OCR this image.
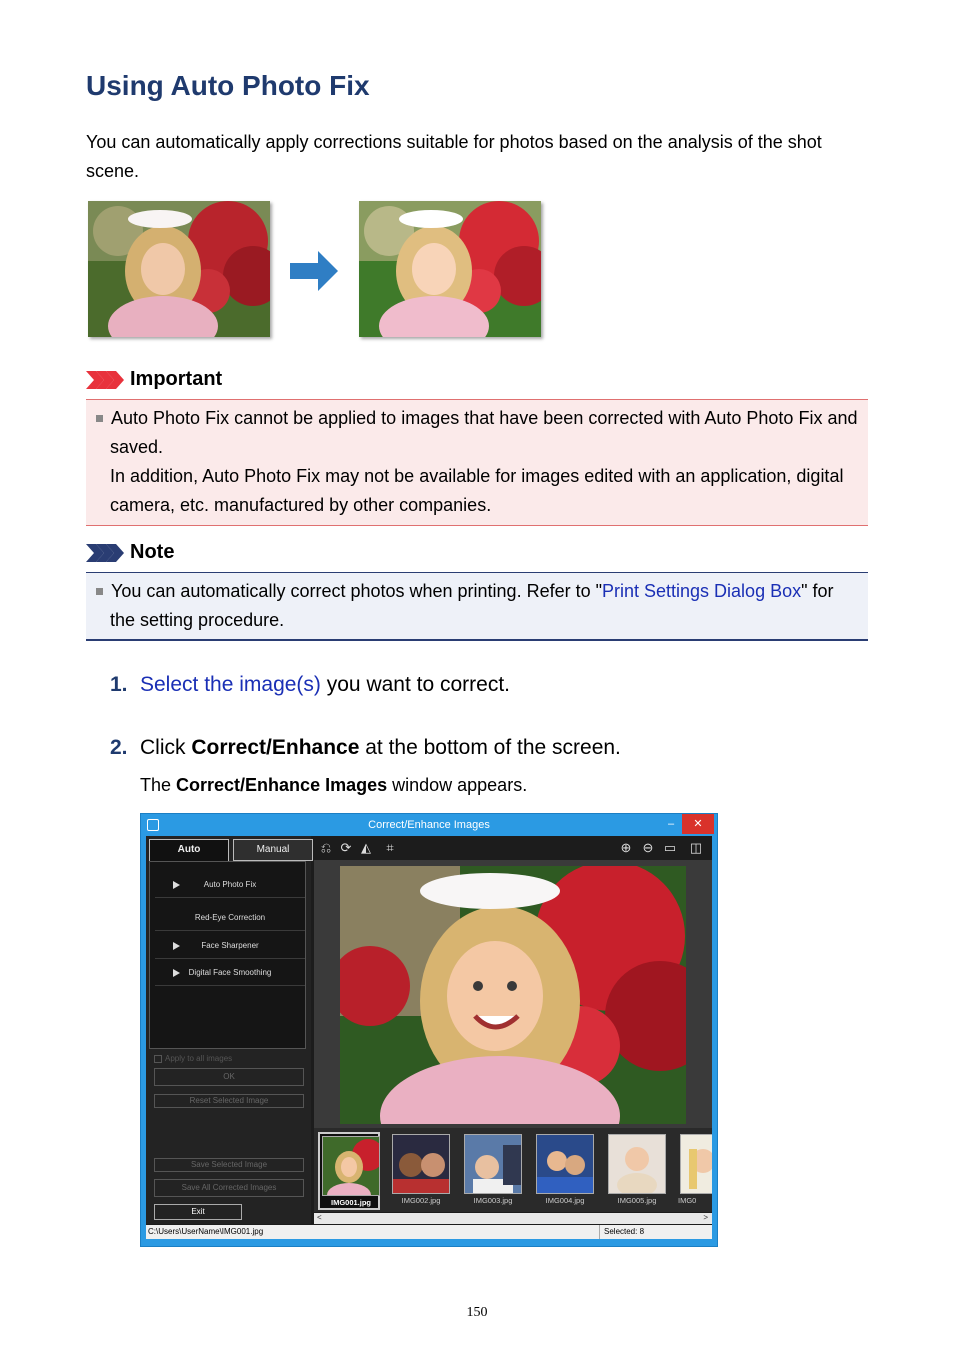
Using Auto Photo Fix
You can automatically apply corrections suitable for photos based on the analysis of the shot scene.
Important
Auto Photo Fix cannot be applied to images that have been corrected with Auto Photo Fix and saved.
In addition, Auto Photo Fix may not be available for images edited with an application, digital camera, etc. manufactured by other companies.
Note
You can automatically correct photos when printing. Refer to "Print Settings Dialog Box" for the setting procedure.
1. Select the image(s) you want to correct.
2. Click Correct/Enhance at the bottom of the screen.
The Correct/Enhance Images window appears.
Correct/Enhance Images	–	✕
Auto	Manual
Auto Photo Fix
Red-Eye Correction
Face Sharpener
Digital Face Smoothing
Apply to all images
OK
Reset Selected Image
Save Selected Image
Save All Corrected Images
Exit
⎌ ⟳ ◭	⌗	⊕ ⊖ ▭ ◫
IMG001.jpg	IMG002.jpg	IMG003.jpg	IMG004.jpg	IMG005.jpg	IMG0
<	>
C:\Users\UserName\IMG001.jpg	Selected: 8
150
